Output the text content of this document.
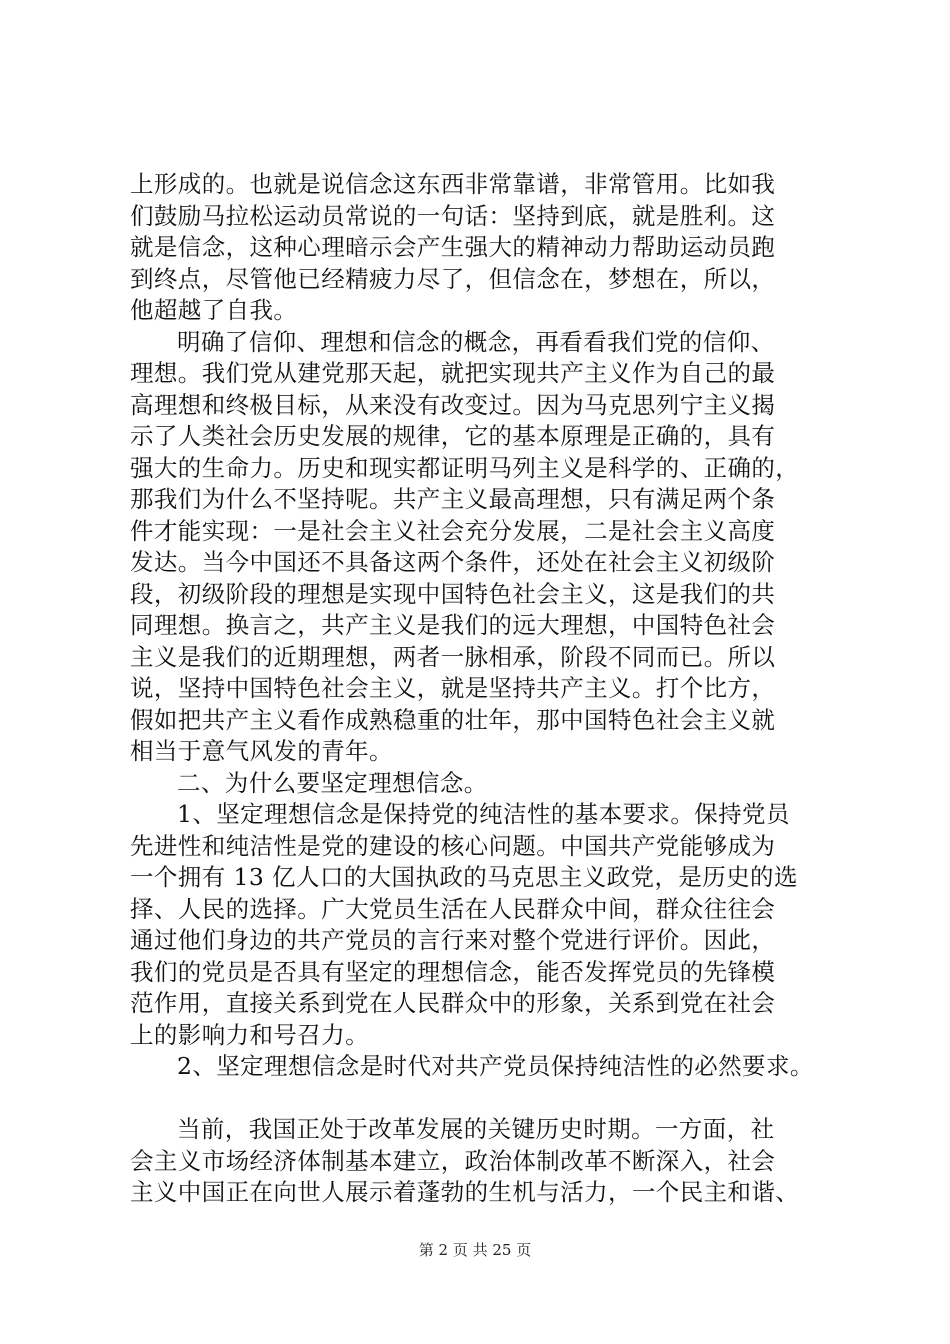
上形成的。也就是说信念这东西非常靠谱，非常管用。比如我
们鼓励马拉松运动员常说的一句话：坚持到底，就是胜利。这
就是信念，这种心理暗示会产生强大的精神动力帮助运动员跑
到终点，尽管他已经精疲力尽了，但信念在，梦想在，所以，
他超越了自我。
明确了信仰、理想和信念的概念，再看看我们党的信仰、
理想。我们党从建党那天起，就把实现共产主义作为自己的最
高理想和终极目标，从来没有改变过。因为马克思列宁主义揭
示了人类社会历史发展的规律，它的基本原理是正确的，具有
强大的生命力。历史和现实都证明马列主义是科学的、正确的，
那我们为什么不坚持呢。共产主义最高理想，只有满足两个条
件才能实现：一是社会主义社会充分发展，二是社会主义高度
发达。当今中国还不具备这两个条件，还处在社会主义初级阶
段，初级阶段的理想是实现中国特色社会主义，这是我们的共
同理想。换言之，共产主义是我们的远大理想，中国特色社会
主义是我们的近期理想，两者一脉相承，阶段不同而已。所以
说，坚持中国特色社会主义，就是坚持共产主义。打个比方，
假如把共产主义看作成熟稳重的壮年，那中国特色社会主义就
相当于意气风发的青年。
二、为什么要坚定理想信念。
1、坚定理想信念是保持党的纯洁性的基本要求。保持党员
先进性和纯洁性是党的建设的核心问题。中国共产党能够成为
一个拥有 13 亿人口的大国执政的马克思主义政党，是历史的选
择、人民的选择。广大党员生活在人民群众中间，群众往往会
通过他们身边的共产党员的言行来对整个党进行评价。因此，
我们的党员是否具有坚定的理想信念，能否发挥党员的先锋模
范作用，直接关系到党在人民群众中的形象，关系到党在社会
上的影响力和号召力。
2、坚定理想信念是时代对共产党员保持纯洁性的必然要求。
当前，我国正处于改革发展的关键历史时期。一方面，社
会主义市场经济体制基本建立，政治体制改革不断深入，社会
主义中国正在向世人展示着蓬勃的生机与活力，一个民主和谐、
第 2 页 共 25 页
